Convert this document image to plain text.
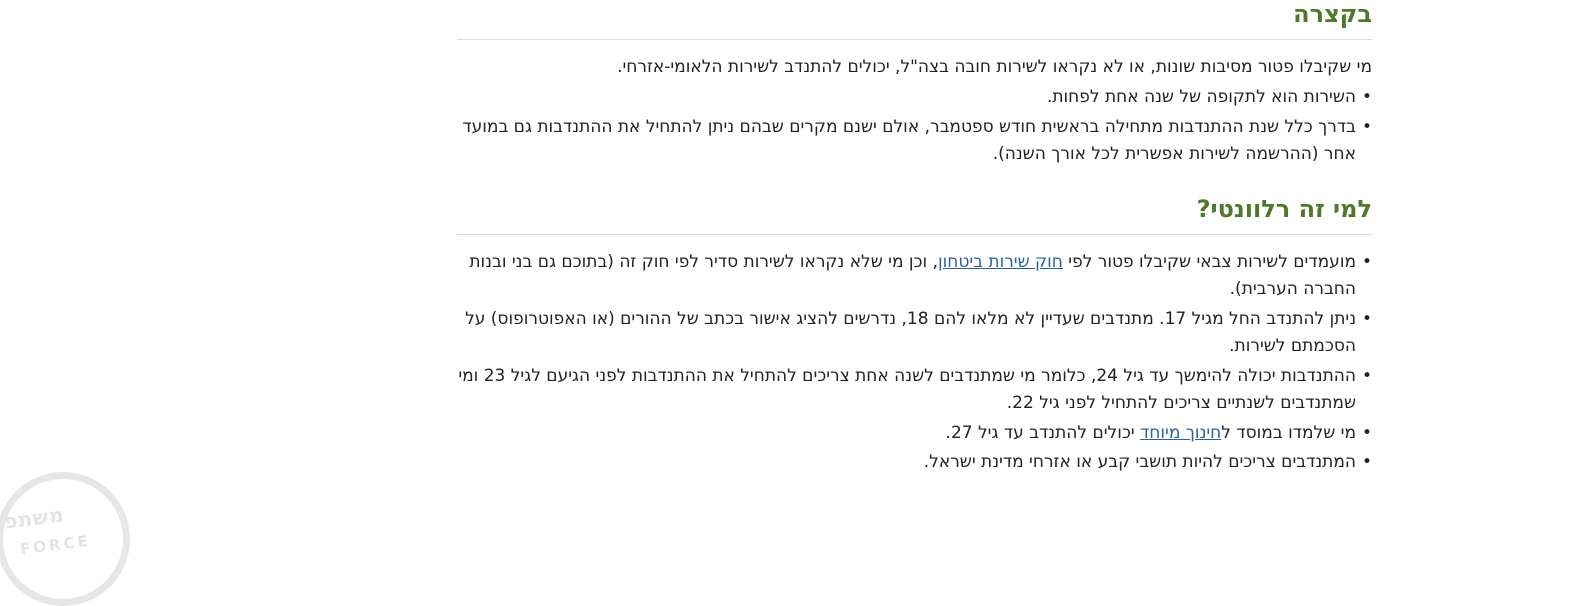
בקצרה

מי שקיבלו פטור מסיבות שונות, או לא נקראו לשירות חובה בצה"ל, יכולים להתנדב לשירות הלאומי-אזרחי.

• השירות הוא לתקופה של שנה אחת לפחות.
• בדרך כלל שנת ההתנדבות מתחילה בראשית חודש ספטמבר, אולם ישנם מקרים שבהם ניתן להתחיל את ההתנדבות גם במועד אחר (ההרשמה לשירות אפשרית לכל אורך השנה).
למי זה רלוונטי?
• מועמדים לשירות צבאי שקיבלו פטור לפי חוק שירות ביטחון, וכן מי שלא נקראו לשירות סדיר לפי חוק זה (בתוכם גם בני ובנות החברה הערבית).
• ניתן להתנדב החל מגיל 17. מתנדבים שעדיין לא מלאו להם 18, נדרשים להציג אישור בכתב של ההורים (או האפוטרופוס) על הסכמתם לשירות.
• ההתנדבות יכולה להימשך עד גיל 24, כלומר מי שמתנדבים לשנה אחת צריכים להתחיל את ההתנדבות לפני הגיעם לגיל 23 ומי שמתנדבים לשנתיים צריכים להתחיל לפני גיל 22.
• מי שלמדו במוסד לחינוך מיוחד יכולים להתנדב עד גיל 27.
• המתנדבים צריכים להיות תושבי קבע או אזרחי מדינת ישראל.
משתפ
FORCE
